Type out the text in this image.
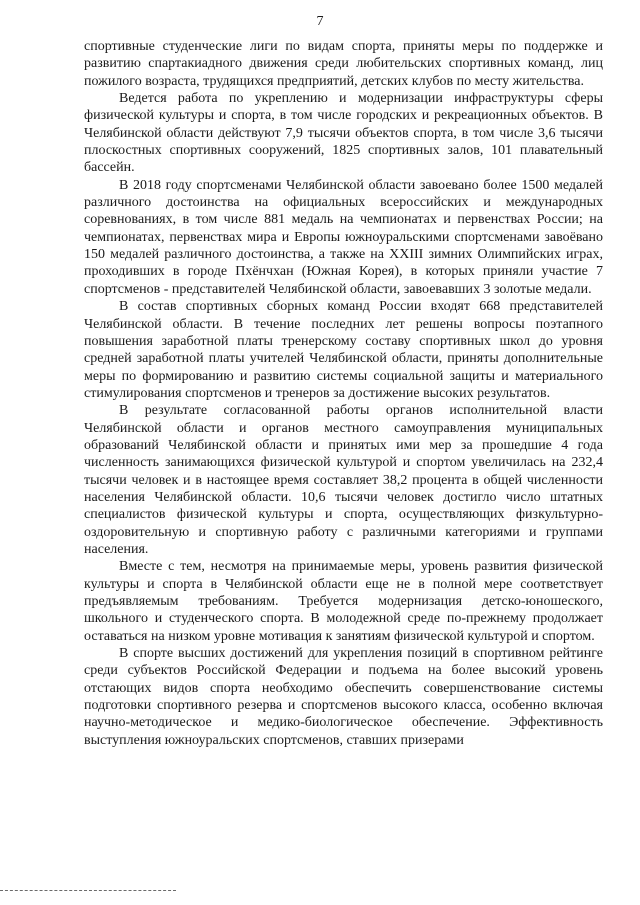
7

спортивные студенческие лиги по видам спорта, приняты меры по поддержке и развитию спартакиадного движения среди любительских спортивных команд, лиц пожилого возраста, трудящихся предприятий, детских клубов по месту жительства.

Ведется работа по укреплению и модернизации инфраструктуры сферы физической культуры и спорта, в том числе городских и рекреационных объектов. В Челябинской области действуют 7,9 тысячи объектов спорта, в том числе 3,6 тысячи плоскостных спортивных сооружений, 1825 спортивных залов, 101 плавательный бассейн.

В 2018 году спортсменами Челябинской области завоевано более 1500 медалей различного достоинства на официальных всероссийских и международных соревнованиях, в том числе 881 медаль на чемпионатах и первенствах России; на чемпионатах, первенствах мира и Европы южноуральскими спортсменами завоёвано 150 медалей различного достоинства, а также на XXIII зимних Олимпийских играх, проходивших в городе Пхёнчхан (Южная Корея), в которых приняли участие 7 спортсменов - представителей Челябинской области, завоевавших 3 золотые медали.

В состав спортивных сборных команд России входят 668 представителей Челябинской области. В течение последних лет решены вопросы поэтапного повышения заработной платы тренерскому составу спортивных школ до уровня средней заработной платы учителей Челябинской области, приняты дополнительные меры по формированию и развитию системы социальной защиты и материального стимулирования спортсменов и тренеров за достижение высоких результатов.

В результате согласованной работы органов исполнительной власти Челябинской области и органов местного самоуправления муниципальных образований Челябинской области и принятых ими мер за прошедшие 4 года численность занимающихся физической культурой и спортом увеличилась на 232,4 тысячи человек и в настоящее время составляет 38,2 процента в общей численности населения Челябинской области. 10,6 тысячи человек достигло число штатных специалистов физической культуры и спорта, осуществляющих физкультурно-оздоровительную и спортивную работу с различными категориями и группами населения.

Вместе с тем, несмотря на принимаемые меры, уровень развития физической культуры и спорта в Челябинской области еще не в полной мере соответствует предъявляемым требованиям. Требуется модернизация детско-юношеского, школьного и студенческого спорта. В молодежной среде по-прежнему продолжает оставаться на низком уровне мотивация к занятиям физической культурой и спортом.

В спорте высших достижений для укрепления позиций в спортивном рейтинге среди субъектов Российской Федерации и подъема на более высокий уровень отстающих видов спорта необходимо обеспечить совершенствование системы подготовки спортивного резерва и спортсменов высокого класса, особенно включая научно-методическое и медико-биологическое обеспечение. Эффективность выступления южноуральских спортсменов, ставших призерами
